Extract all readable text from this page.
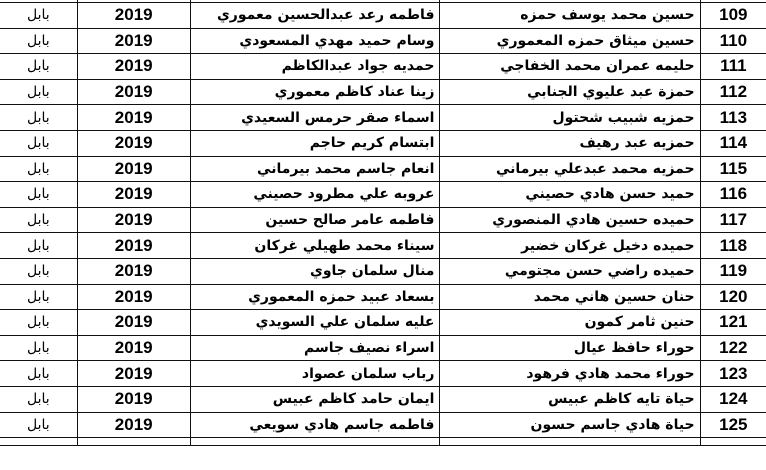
بابل	2019	فاطمه رعد عبدالحسين معموري	حسين محمد يوسف حمزه	109
بابل	2019	وسام حميد مهدي المسعودي	حسين ميثاق حمزه المعموري	110
بابل	2019	حمديه جواد عبدالكاظم	حليمه عمران محمد الخفاجي	111
بابل	2019	زينا عناد كاظم معموري	حمزة عبد عليوي الجنابي	112
بابل	2019	اسماء صقر حرمس السعيدي	حمزيه شبيب شحتول	113
بابل	2019	ابتسام كريم حاجم	حمزيه عبد رهيف	114
بابل	2019	انعام جاسم محمد بيرماني	حمزيه محمد عبدعلي بيرماني	115
بابل	2019	عروبه علي مطرود حصيني	حميد حسن هادي حصيني	116
بابل	2019	فاطمه عامر صالح حسين	حميده حسين هادي المنصوري	117
بابل	2019	سيناء محمد طهيلي غركان	حميده دخيل غركان خضير	118
بابل	2019	منال سلمان جاوي	حميده راضي حسن مجتومي	119
بابل	2019	بسعاد عبيد حمزه المعموري	حنان حسين هاني محمد	120
بابل	2019	عليه سلمان علي السويدي	حنين ثامر كمون	121
بابل	2019	اسراء نصيف جاسم	حوراء حافظ عيال	122
بابل	2019	رباب سلمان عصواد	حوراء محمد هادي فرهود	123
بابل	2019	ايمان حامد كاظم عبيس	حياة تايه كاظم عبيس	124
بابل	2019	فاطمه جاسم هادي سويعي	حياة هادي جاسم حسون	125
